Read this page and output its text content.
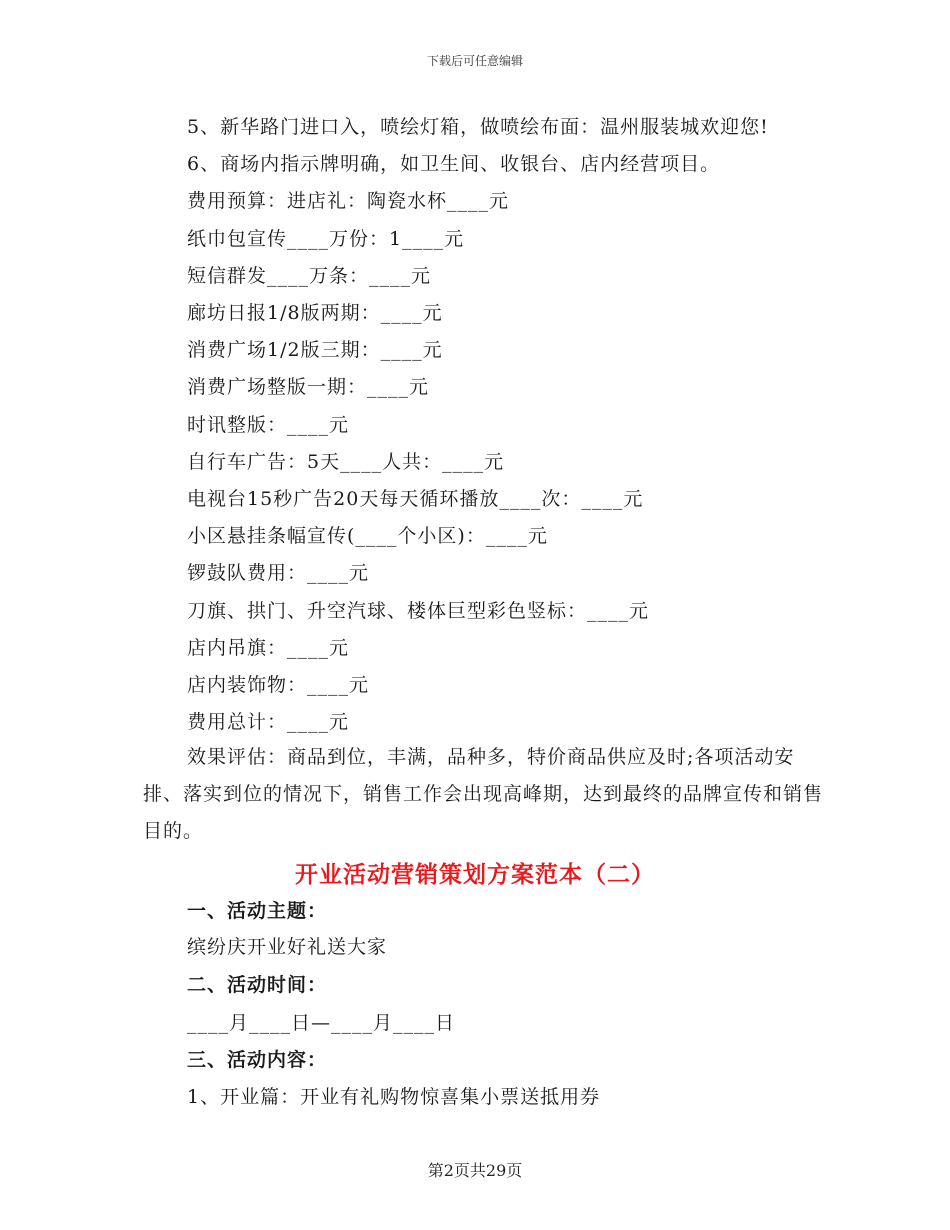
下载后可任意编辑
5、新华路门进口入，喷绘灯箱，做喷绘布面：温州服装城欢迎您!
6、商场内指示牌明确，如卫生间、收银台、店内经营项目。
费用预算：进店礼：陶瓷水杯____元
纸巾包宣传____万份：1____元
短信群发____万条：____元
廊坊日报1/8版两期：____元
消费广场1/2版三期：____元
消费广场整版一期：____元
时讯整版：____元
自行车广告：5天____人共：____元
电视台15秒广告20天每天循环播放____次：____元
小区悬挂条幅宣传(____个小区)：____元
锣鼓队费用：____元
刀旗、拱门、升空汽球、楼体巨型彩色竖标：____元
店内吊旗：____元
店内装饰物：____元
费用总计：____元
效果评估：商品到位，丰满，品种多，特价商品供应及时;各项活动安排、落实到位的情况下，销售工作会出现高峰期，达到最终的品牌宣传和销售目的。
开业活动营销策划方案范本（二）
一、活动主题：
缤纷庆开业好礼送大家
二、活动时间：
____月____日—____月____日
三、活动内容：
1、开业篇：开业有礼购物惊喜集小票送抵用券
第2页共29页
